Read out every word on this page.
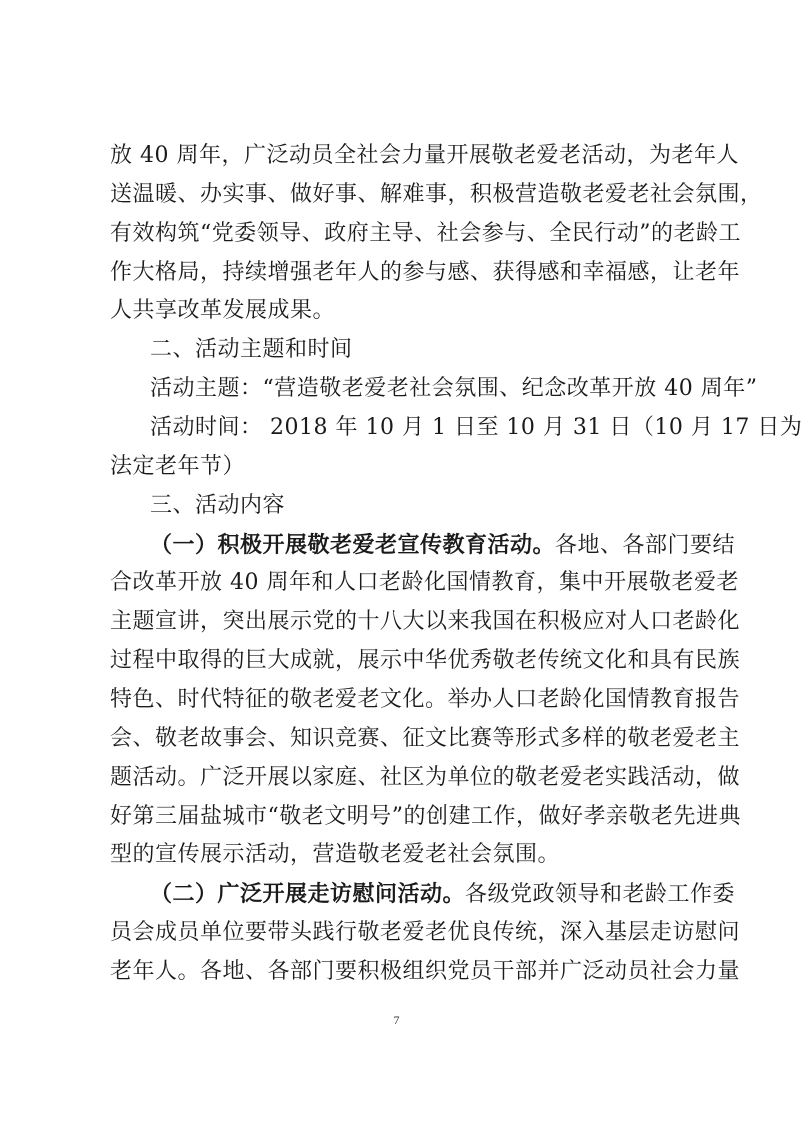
放 40 周年，广泛动员全社会力量开展敬老爱老活动，为老年人
送温暖、办实事、做好事、解难事，积极营造敬老爱老社会氛围，
有效构筑“党委领导、政府主导、社会参与、全民行动”的老龄工
作大格局，持续增强老年人的参与感、获得感和幸福感，让老年
人共享改革发展成果。
二、活动主题和时间
活动主题：“营造敬老爱老社会氛围、纪念改革开放 40 周年”
活动时间： 2018 年 10 月 1 日至 10 月 31 日（10 月 17 日为
法定老年节）
三、活动内容
（一）积极开展敬老爱老宣传教育活动。各地、各部门要结
合改革开放 40 周年和人口老龄化国情教育，集中开展敬老爱老
主题宣讲，突出展示党的十八大以来我国在积极应对人口老龄化
过程中取得的巨大成就，展示中华优秀敬老传统文化和具有民族
特色、时代特征的敬老爱老文化。举办人口老龄化国情教育报告
会、敬老故事会、知识竞赛、征文比赛等形式多样的敬老爱老主
题活动。广泛开展以家庭、社区为单位的敬老爱老实践活动，做
好第三届盐城市“敬老文明号”的创建工作，做好孝亲敬老先进典
型的宣传展示活动，营造敬老爱老社会氛围。
（二）广泛开展走访慰问活动。各级党政领导和老龄工作委
员会成员单位要带头践行敬老爱老优良传统，深入基层走访慰问
老年人。各地、各部门要积极组织党员干部并广泛动员社会力量
7
